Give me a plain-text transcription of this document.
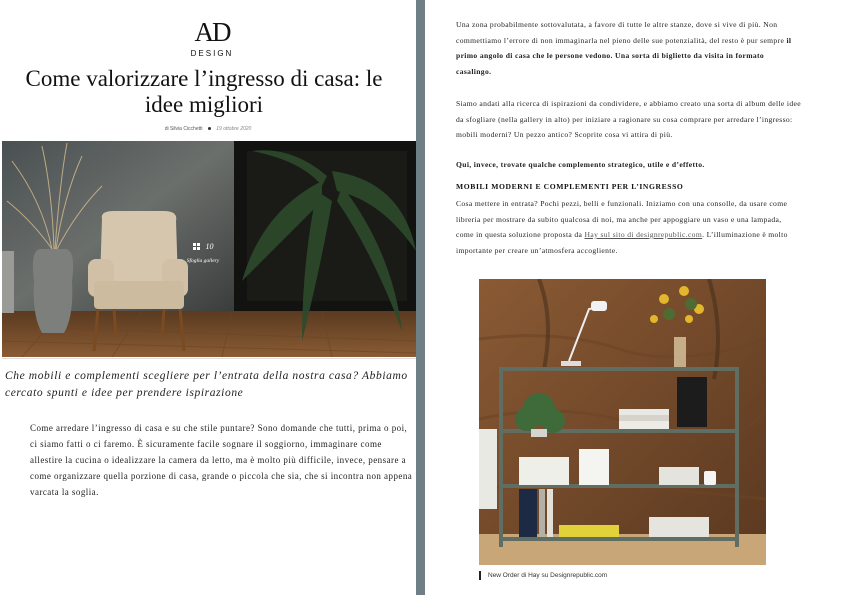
AD
DESIGN
Come valorizzare l’ingresso di casa: le idee migliori
di Silvia Cicchetti	19 ottobre 2020
10
Sfoglia gallery
Che mobili e complementi scegliere per l’entrata della nostra casa? Abbiamo cercato spunti e idee per prendere ispirazione
Come arredare l’ingresso di casa e su che stile puntare? Sono domande che tutti, prima o poi, ci siamo fatti o ci faremo. È sicuramente facile sognare il soggiorno, immaginare come allestire la cucina o idealizzare la camera da letto, ma è molto più difficile, invece, pensare a come organizzare quella porzione di casa, grande o piccola che sia, che si incontra non appena varcata la soglia.
Una zona probabilmente sottovalutata, a favore di tutte le altre stanze, dove si vive di più. Non commettiamo l’errore di non immaginarla nel pieno delle sue potenzialità, del resto è pur sempre il primo angolo di casa che le persone vedono. Una sorta di biglietto da visita in formato casalingo.
Siamo andati alla ricerca di ispirazioni da condividere, e abbiamo creato una sorta di album delle idee da sfogliare (nella gallery in alto) per iniziare a ragionare su cosa comprare per arredare l’ingresso: mobili moderni? Un pezzo antico? Scoprite cosa vi attira di più.
Qui, invece, trovate qualche complemento strategico, utile e d’effetto.
MOBILI MODERNI E COMPLEMENTI PER L’INGRESSO
Cosa mettere in entrata? Pochi pezzi, belli e funzionali. Iniziamo con una consolle, da usare come libreria per mostrare da subito qualcosa di noi, ma anche per appoggiare un vaso e una lampada, come in questa soluzione proposta da Hay sul sito di designrepublic.com. L’illuminazione è molto importante per creare un’atmosfera accogliente.
New Order di Hay su Designrepublic.com
